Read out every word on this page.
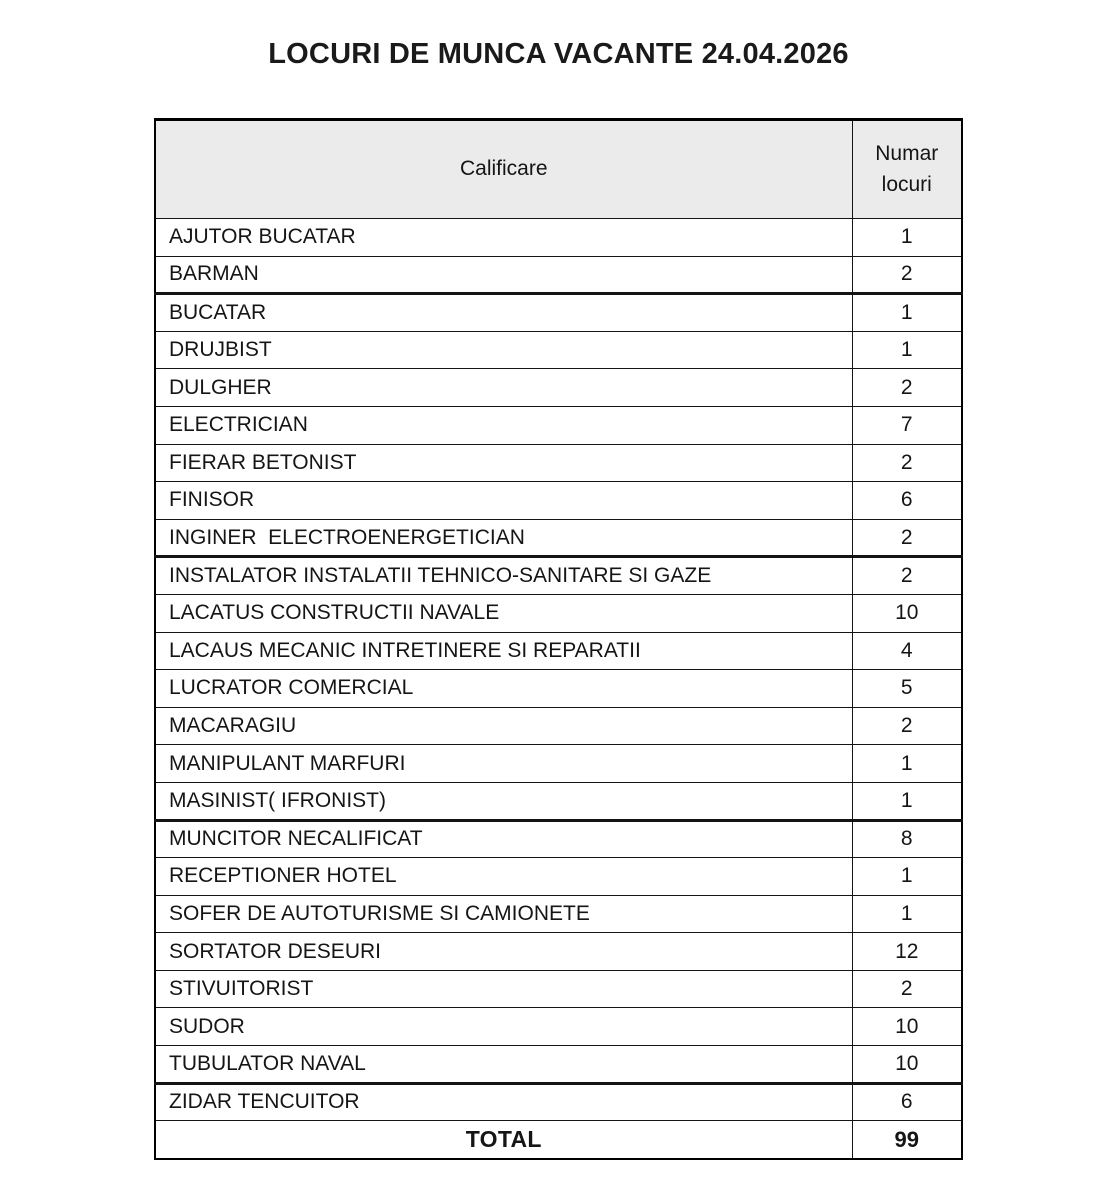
LOCURI DE MUNCA VACANTE 24.04.2026
Calificare	Numar locuri
AJUTOR BUCATAR	1
BARMAN	2
BUCATAR	1
DRUJBIST	1
DULGHER	2
ELECTRICIAN	7
FIERAR BETONIST	2
FINISOR	6
INGINER  ELECTROENERGETICIAN	2
INSTALATOR INSTALATII TEHNICO-SANITARE SI GAZE	2
LACATUS CONSTRUCTII NAVALE	10
LACAUS MECANIC INTRETINERE SI REPARATII	4
LUCRATOR COMERCIAL	5
MACARAGIU	2
MANIPULANT MARFURI	1
MASINIST( IFRONIST)	1
MUNCITOR NECALIFICAT	8
RECEPTIONER HOTEL	1
SOFER DE AUTOTURISME SI CAMIONETE	1
SORTATOR DESEURI	12
STIVUITORIST	2
SUDOR	10
TUBULATOR NAVAL	10
ZIDAR TENCUITOR	6
TOTAL	99
